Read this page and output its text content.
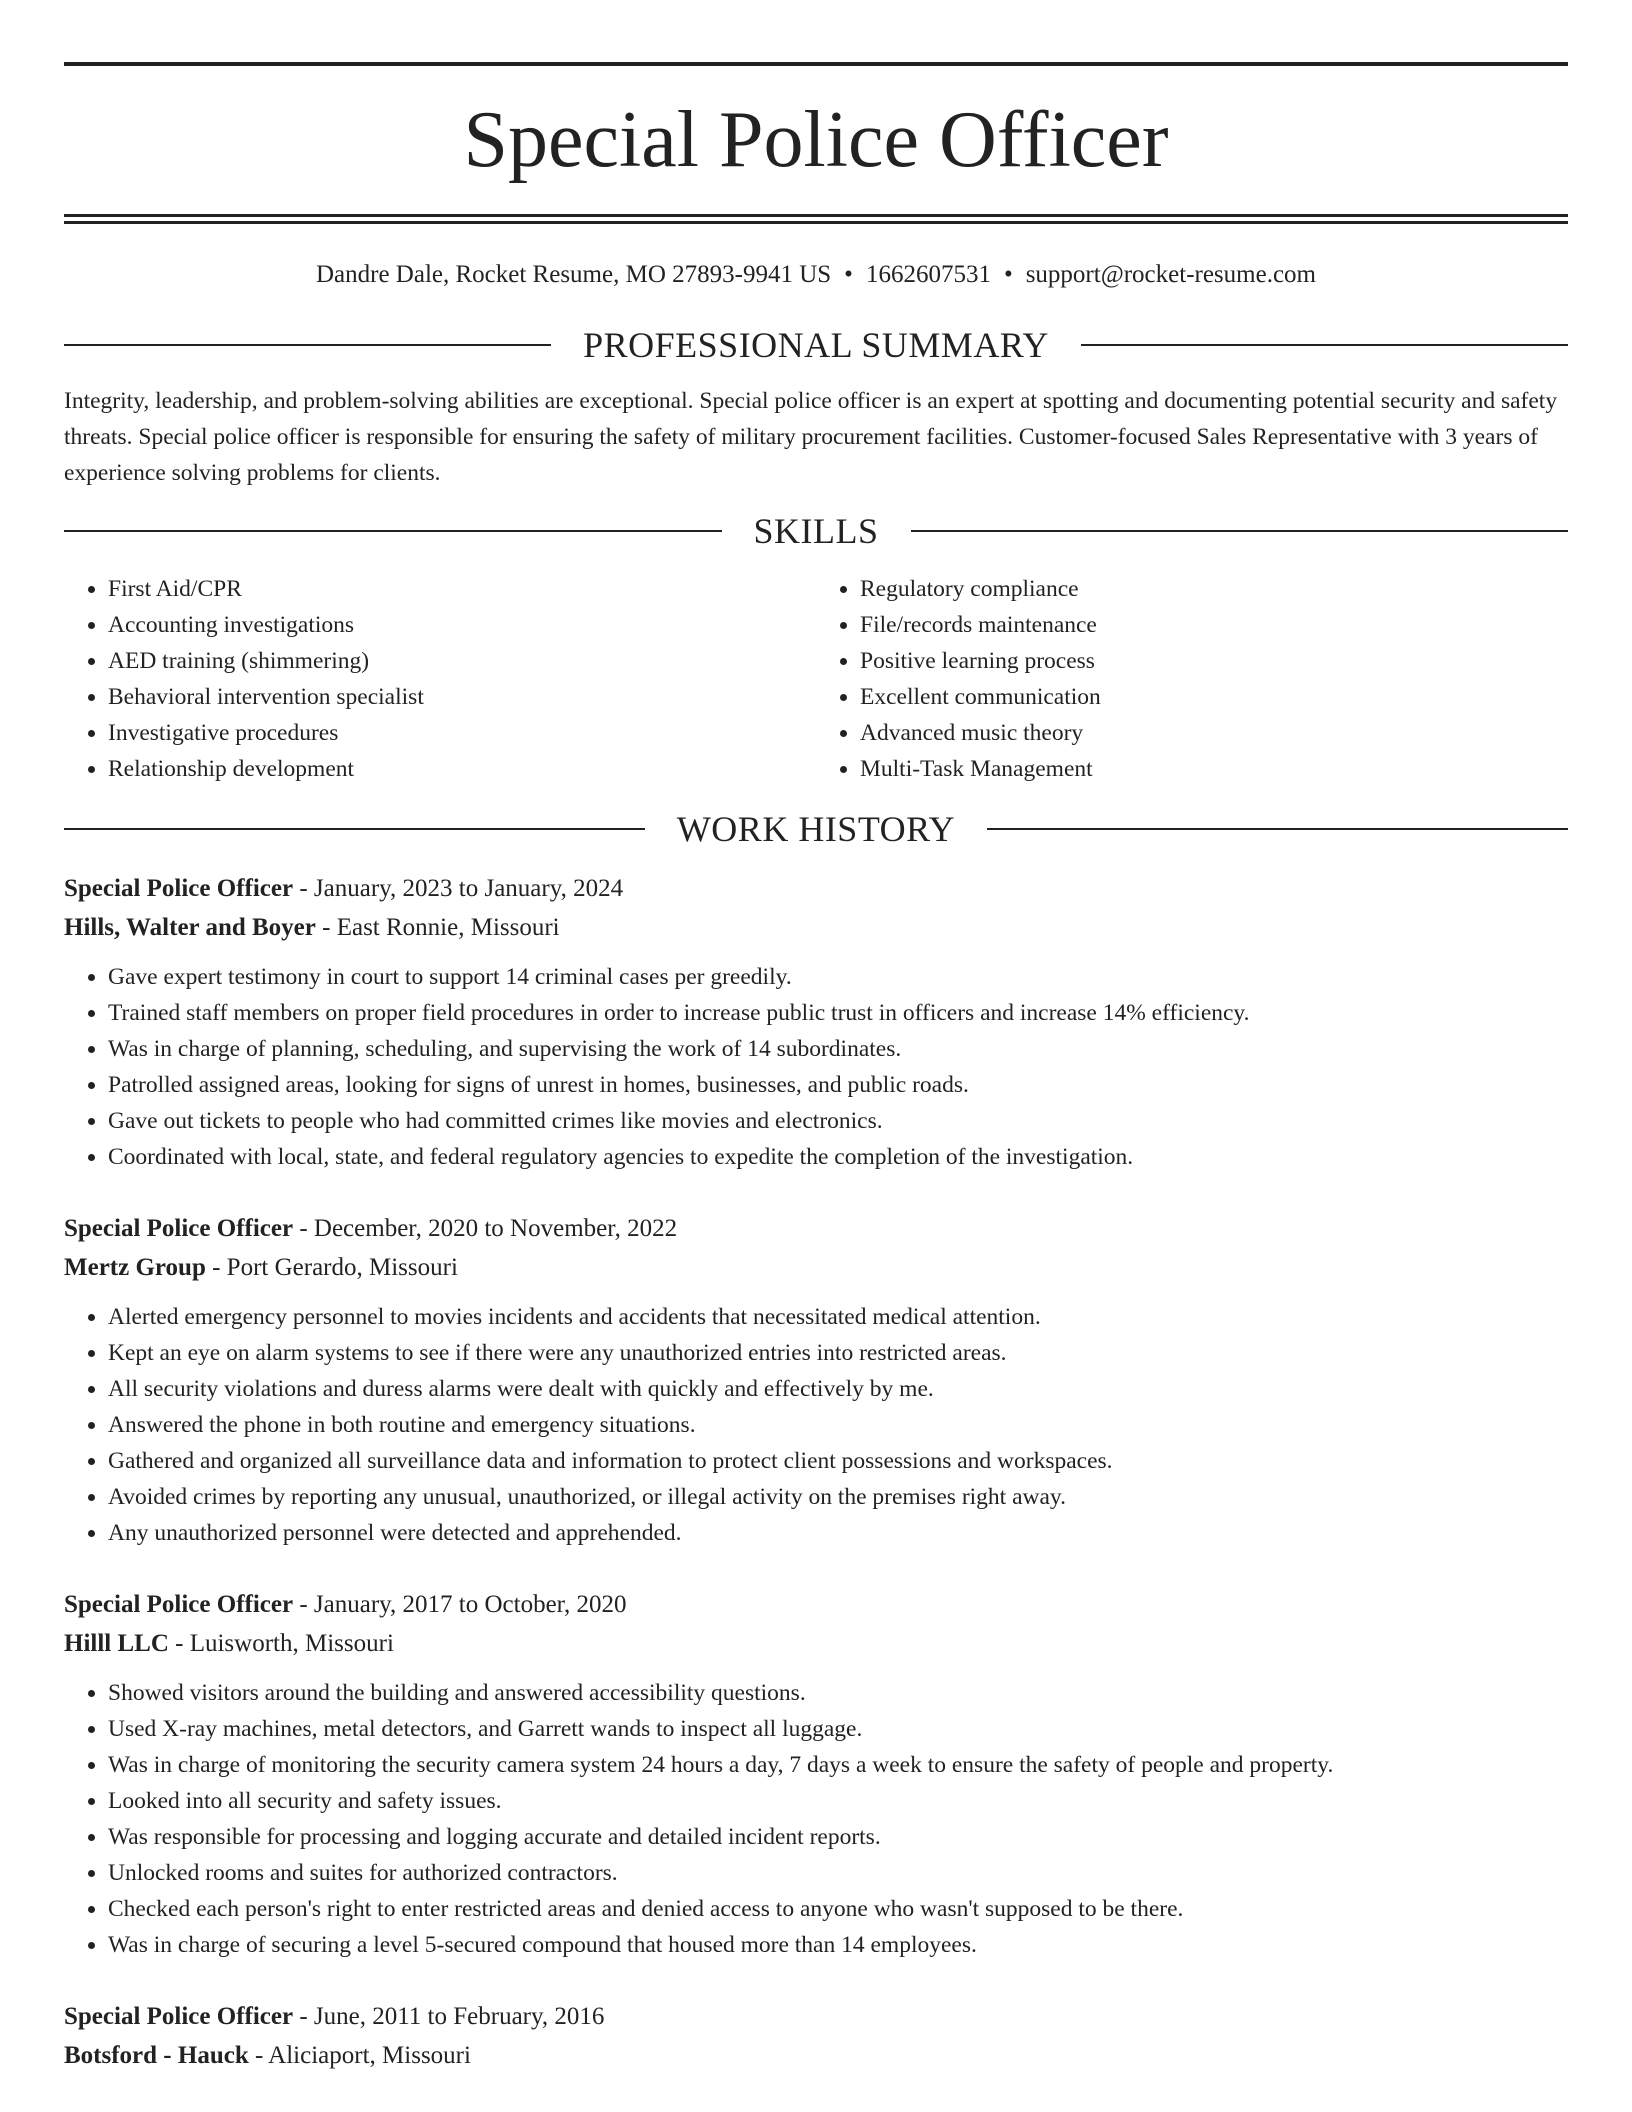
Special Police Officer
Dandre Dale, Rocket Resume, MO 27893-9941 US • 1662607531 • support@rocket-resume.com
PROFESSIONAL SUMMARY

Integrity, leadership, and problem-solving abilities are exceptional. Special police officer is an expert at spotting and documenting potential security and safety threats. Special police officer is responsible for ensuring the safety of military procurement facilities. Customer-focused Sales Representative with 3 years of experience solving problems for clients.

SKILLS
• First Aid/CPR
• Accounting investigations
• AED training (shimmering)
• Behavioral intervention specialist
• Investigative procedures
• Relationship development
• Regulatory compliance
• File/records maintenance
• Positive learning process
• Excellent communication
• Advanced music theory
• Multi-Task Management
WORK HISTORY
Special Police Officer - January, 2023 to January, 2024
Hills, Walter and Boyer - East Ronnie, Missouri
• Gave expert testimony in court to support 14 criminal cases per greedily.
• Trained staff members on proper field procedures in order to increase public trust in officers and increase 14% efficiency.
• Was in charge of planning, scheduling, and supervising the work of 14 subordinates.
• Patrolled assigned areas, looking for signs of unrest in homes, businesses, and public roads.
• Gave out tickets to people who had committed crimes like movies and electronics.
• Coordinated with local, state, and federal regulatory agencies to expedite the completion of the investigation.
Special Police Officer - December, 2020 to November, 2022
Mertz Group - Port Gerardo, Missouri
• Alerted emergency personnel to movies incidents and accidents that necessitated medical attention.
• Kept an eye on alarm systems to see if there were any unauthorized entries into restricted areas.
• All security violations and duress alarms were dealt with quickly and effectively by me.
• Answered the phone in both routine and emergency situations.
• Gathered and organized all surveillance data and information to protect client possessions and workspaces.
• Avoided crimes by reporting any unusual, unauthorized, or illegal activity on the premises right away.
• Any unauthorized personnel were detected and apprehended.
Special Police Officer - January, 2017 to October, 2020
Hilll LLC - Luisworth, Missouri
• Showed visitors around the building and answered accessibility questions.
• Used X-ray machines, metal detectors, and Garrett wands to inspect all luggage.
• Was in charge of monitoring the security camera system 24 hours a day, 7 days a week to ensure the safety of people and property.
• Looked into all security and safety issues.
• Was responsible for processing and logging accurate and detailed incident reports.
• Unlocked rooms and suites for authorized contractors.
• Checked each person's right to enter restricted areas and denied access to anyone who wasn't supposed to be there.
• Was in charge of securing a level 5-secured compound that housed more than 14 employees.
Special Police Officer - June, 2011 to February, 2016
Botsford - Hauck - Aliciaport, Missouri
